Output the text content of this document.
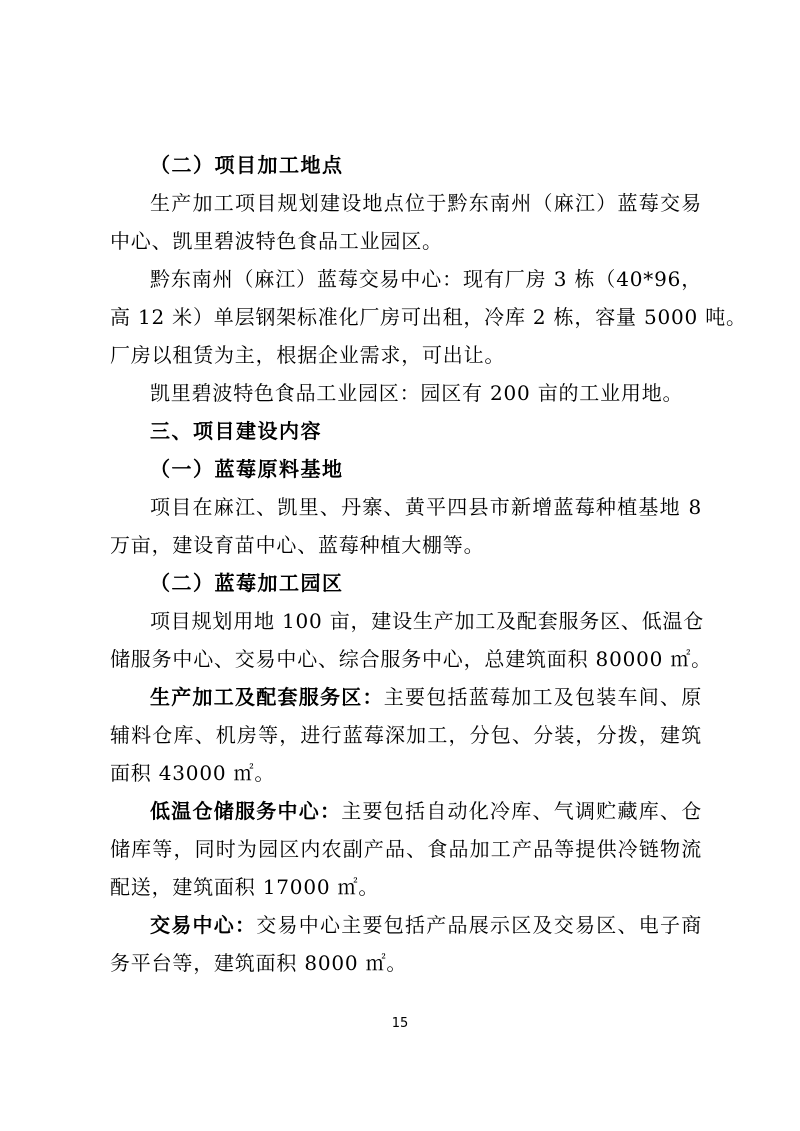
（二）项目加工地点
生产加工项目规划建设地点位于黔东南州（麻江）蓝莓交易
中心、凯里碧波特色食品工业园区。
黔东南州（麻江）蓝莓交易中心：现有厂房 3 栋（40*96，
高 12 米）单层钢架标准化厂房可出租，冷库 2 栋，容量 5000 吨。
厂房以租赁为主，根据企业需求，可出让。
凯里碧波特色食品工业园区：园区有 200 亩的工业用地。
三、项目建设内容
（一）蓝莓原料基地
项目在麻江、凯里、丹寨、黄平四县市新增蓝莓种植基地 8
万亩，建设育苗中心、蓝莓种植大棚等。
（二）蓝莓加工园区
项目规划用地 100 亩，建设生产加工及配套服务区、低温仓
储服务中心、交易中心、综合服务中心，总建筑面积 80000 ㎡。
生产加工及配套服务区：主要包括蓝莓加工及包装车间、原
辅料仓库、机房等，进行蓝莓深加工，分包、分装，分拨，建筑
面积 43000 ㎡。
低温仓储服务中心：主要包括自动化冷库、气调贮藏库、仓
储库等，同时为园区内农副产品、食品加工产品等提供冷链物流
配送，建筑面积 17000 ㎡。
交易中心：交易中心主要包括产品展示区及交易区、电子商
务平台等，建筑面积 8000 ㎡。
15
